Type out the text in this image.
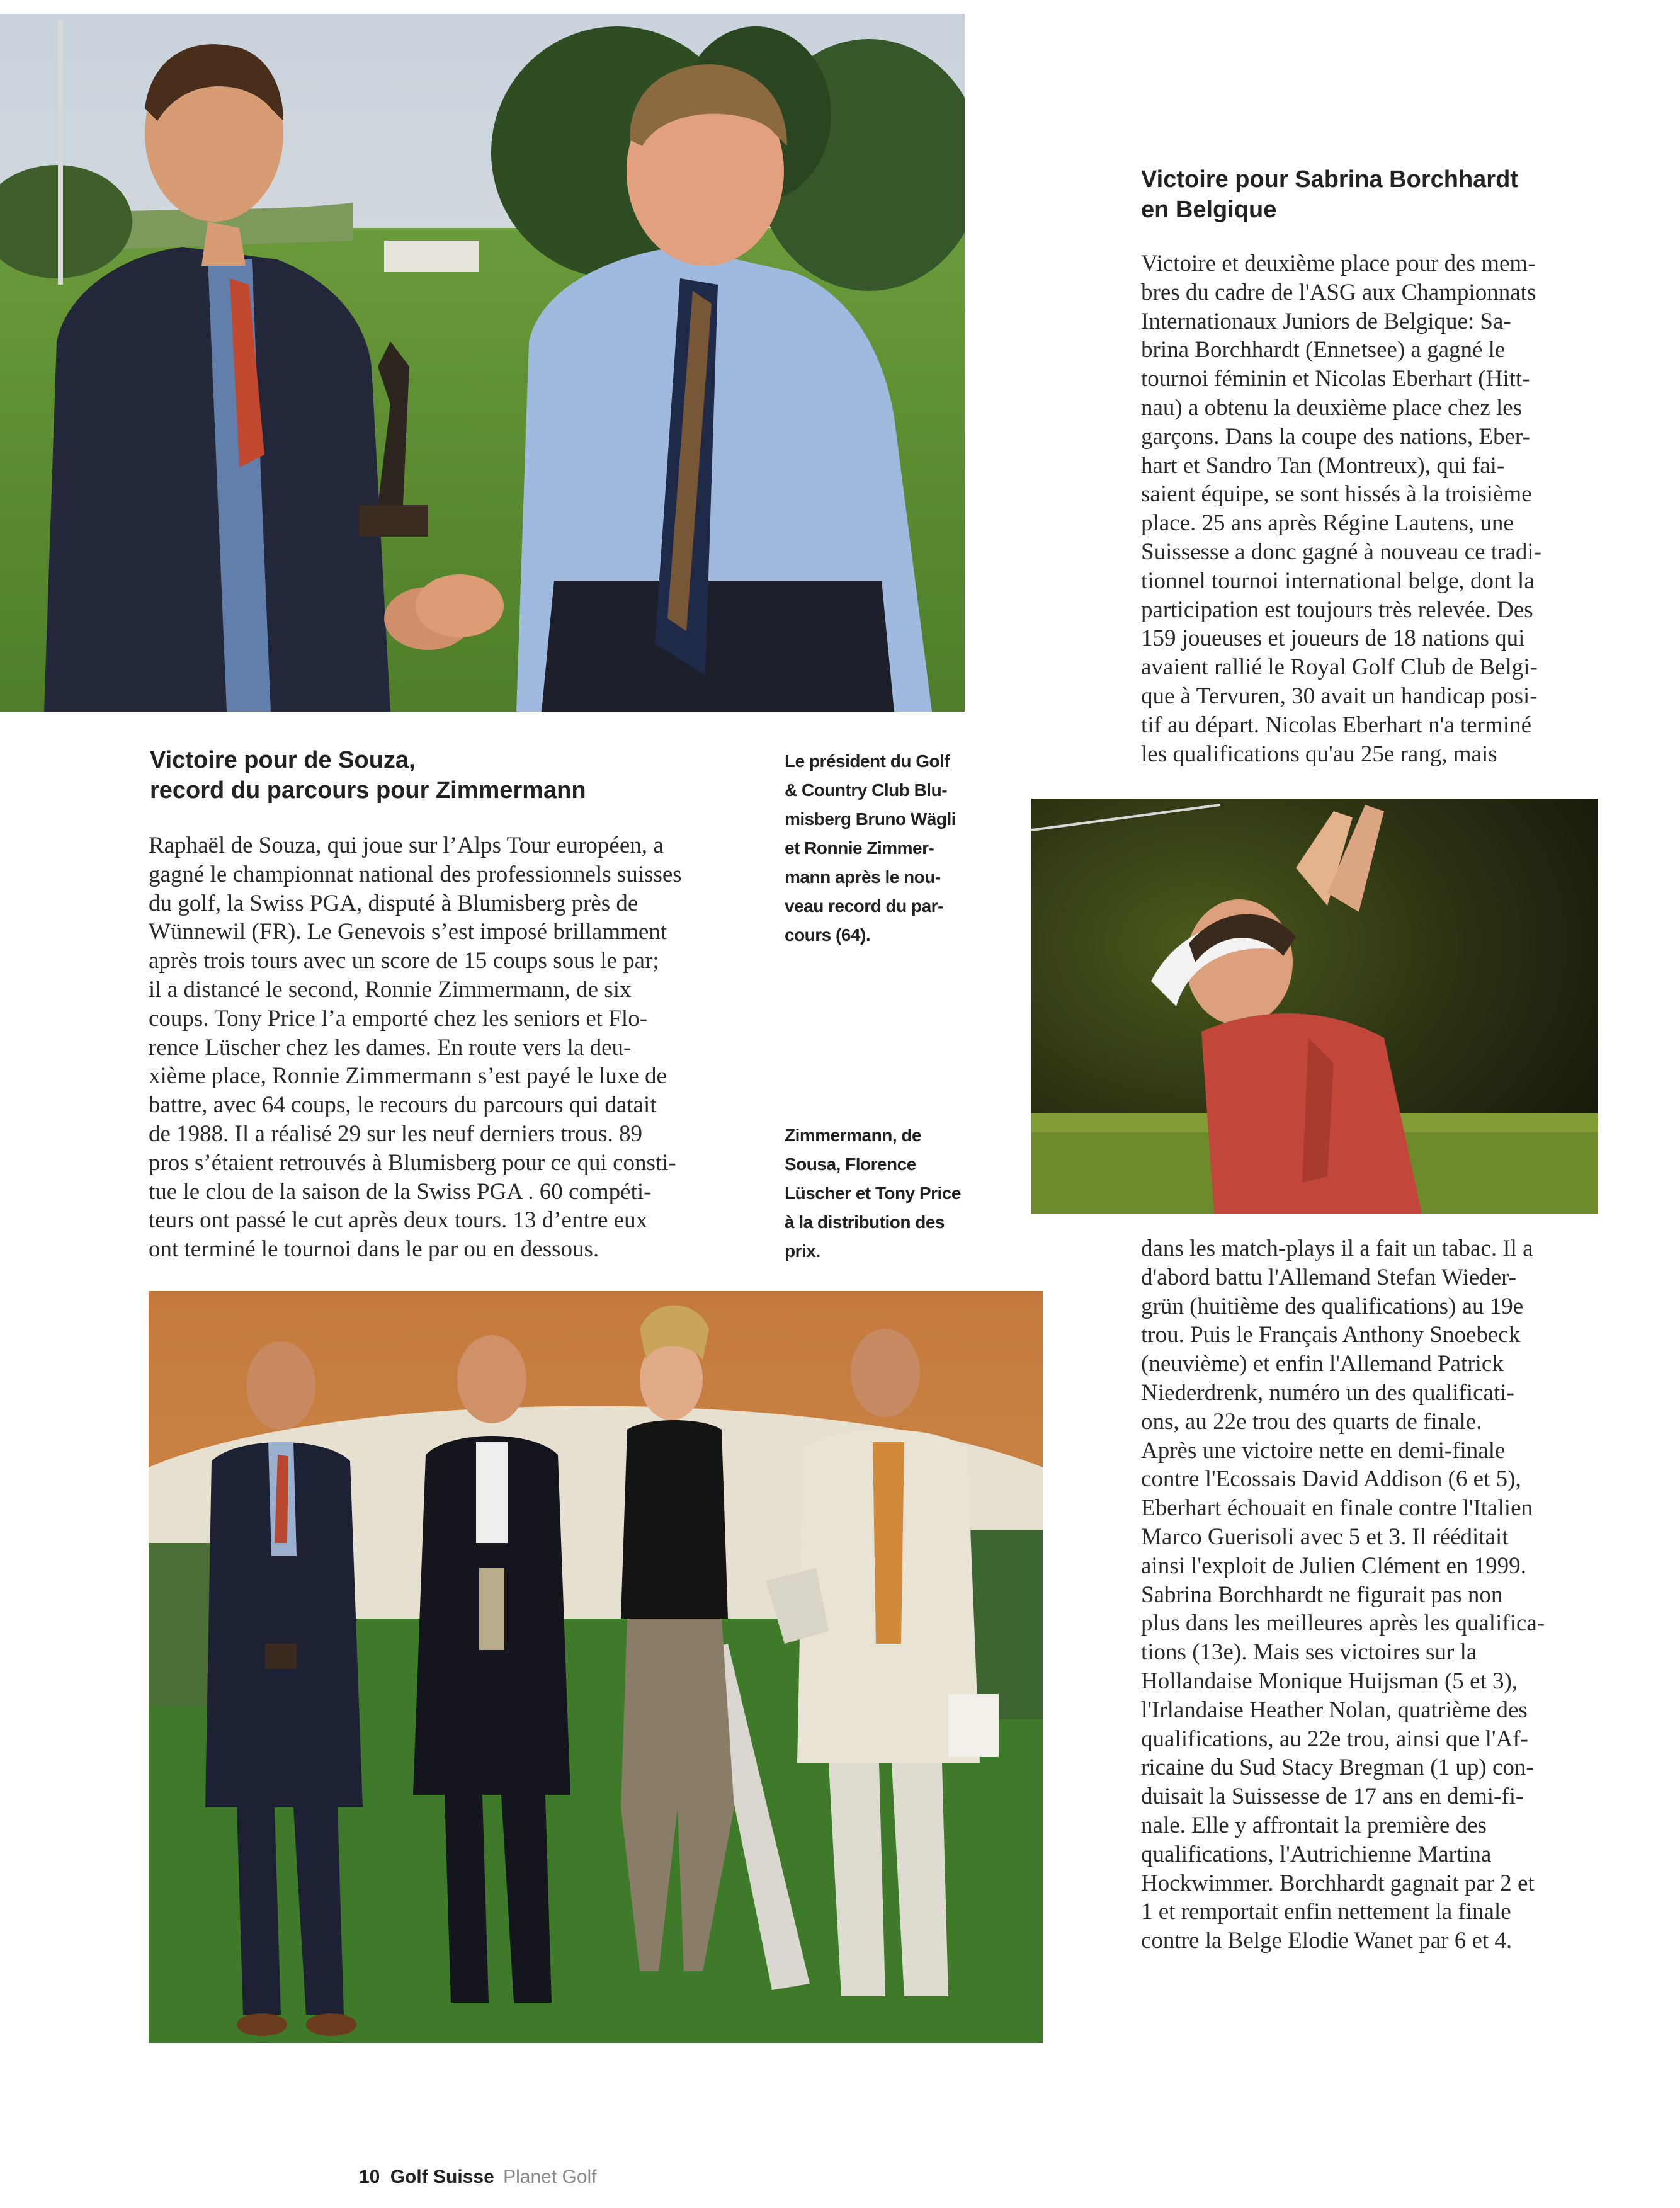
Victoire pour de Souza,
record du parcours pour Zimmermann
Raphaël de Souza, qui joue sur l’Alps Tour européen, a
gagné le championnat national des professionnels suisses
du golf, la Swiss PGA, disputé à Blumisberg près de
Wünnewil (FR). Le Genevois s’est imposé brillamment
après trois tours avec un score de 15 coups sous le par;
il a distancé le second, Ronnie Zimmermann, de six
coups. Tony Price l’a emporté chez les seniors et Flo-
rence Lüscher chez les dames. En route vers la deu-
xième place, Ronnie Zimmermann s’est payé le luxe de
battre, avec 64 coups, le recours du parcours qui datait
de 1988. Il a réalisé 29 sur les neuf derniers trous. 89
pros s’étaient retrouvés à Blumisberg pour ce qui consti-
tue le clou de la saison de la Swiss PGA . 60 compéti-
teurs ont passé le cut après deux tours. 13 d’entre eux
ont terminé le tournoi dans le par ou en dessous.
Le président du Golf
& Country Club Blu-
misberg Bruno Wägli
et Ronnie Zimmer-
mann après le nou-
veau record du par-
cours (64).
Zimmermann, de
Sousa, Florence
Lüscher et Tony Price
à la distribution des
prix.
Victoire pour Sabrina Borchhardt
en Belgique
Victoire et deuxième place pour des mem-
bres du cadre de l'ASG aux Championnats
Internationaux Juniors de Belgique: Sa-
brina Borchhardt (Ennetsee) a gagné le
tournoi féminin et Nicolas Eberhart (Hitt-
nau) a obtenu la deuxième place chez les
garçons. Dans la coupe des nations, Eber-
hart et Sandro Tan (Montreux), qui fai-
saient équipe, se sont hissés à la troisième
place. 25 ans après Régine Lautens, une
Suissesse a donc gagné à nouveau ce tradi-
tionnel tournoi international belge, dont la
participation est toujours très relevée. Des
159 joueuses et joueurs de 18 nations qui
avaient rallié le Royal Golf Club de Belgi-
que à Tervuren, 30 avait un handicap posi-
tif au départ. Nicolas Eberhart n'a terminé
les qualifications qu'au 25e rang, mais
dans les match-plays il a fait un tabac. Il a
d'abord battu l'Allemand Stefan Wieder-
grün (huitième des qualifications) au 19e
trou. Puis le Français Anthony Snoebeck
(neuvième) et enfin l'Allemand Patrick
Niederdrenk, numéro un des qualificati-
ons, au 22e trou des quarts de finale.
Après une victoire nette en demi-finale
contre l'Ecossais David Addison (6 et 5),
Eberhart échouait en finale contre l'Italien
Marco Guerisoli avec 5 et 3. Il rééditait
ainsi l'exploit de Julien Clément en 1999.
Sabrina Borchhardt ne figurait pas non
plus dans les meilleures après les qualifica-
tions (13e). Mais ses victoires sur la
Hollandaise Monique Huijsman (5 et 3),
l'Irlandaise Heather Nolan, quatrième des
qualifications, au 22e trou, ainsi que l'Af-
ricaine du Sud Stacy Bregman (1 up) con-
duisait la Suissesse de 17 ans en demi-fi-
nale. Elle y affrontait la première des
qualifications, l'Autrichienne Martina
Hockwimmer. Borchhardt gagnait par 2 et
1 et remportait enfin nettement la finale
contre la Belge Elodie Wanet par 6 et 4.
10 Golf Suisse Planet Golf
